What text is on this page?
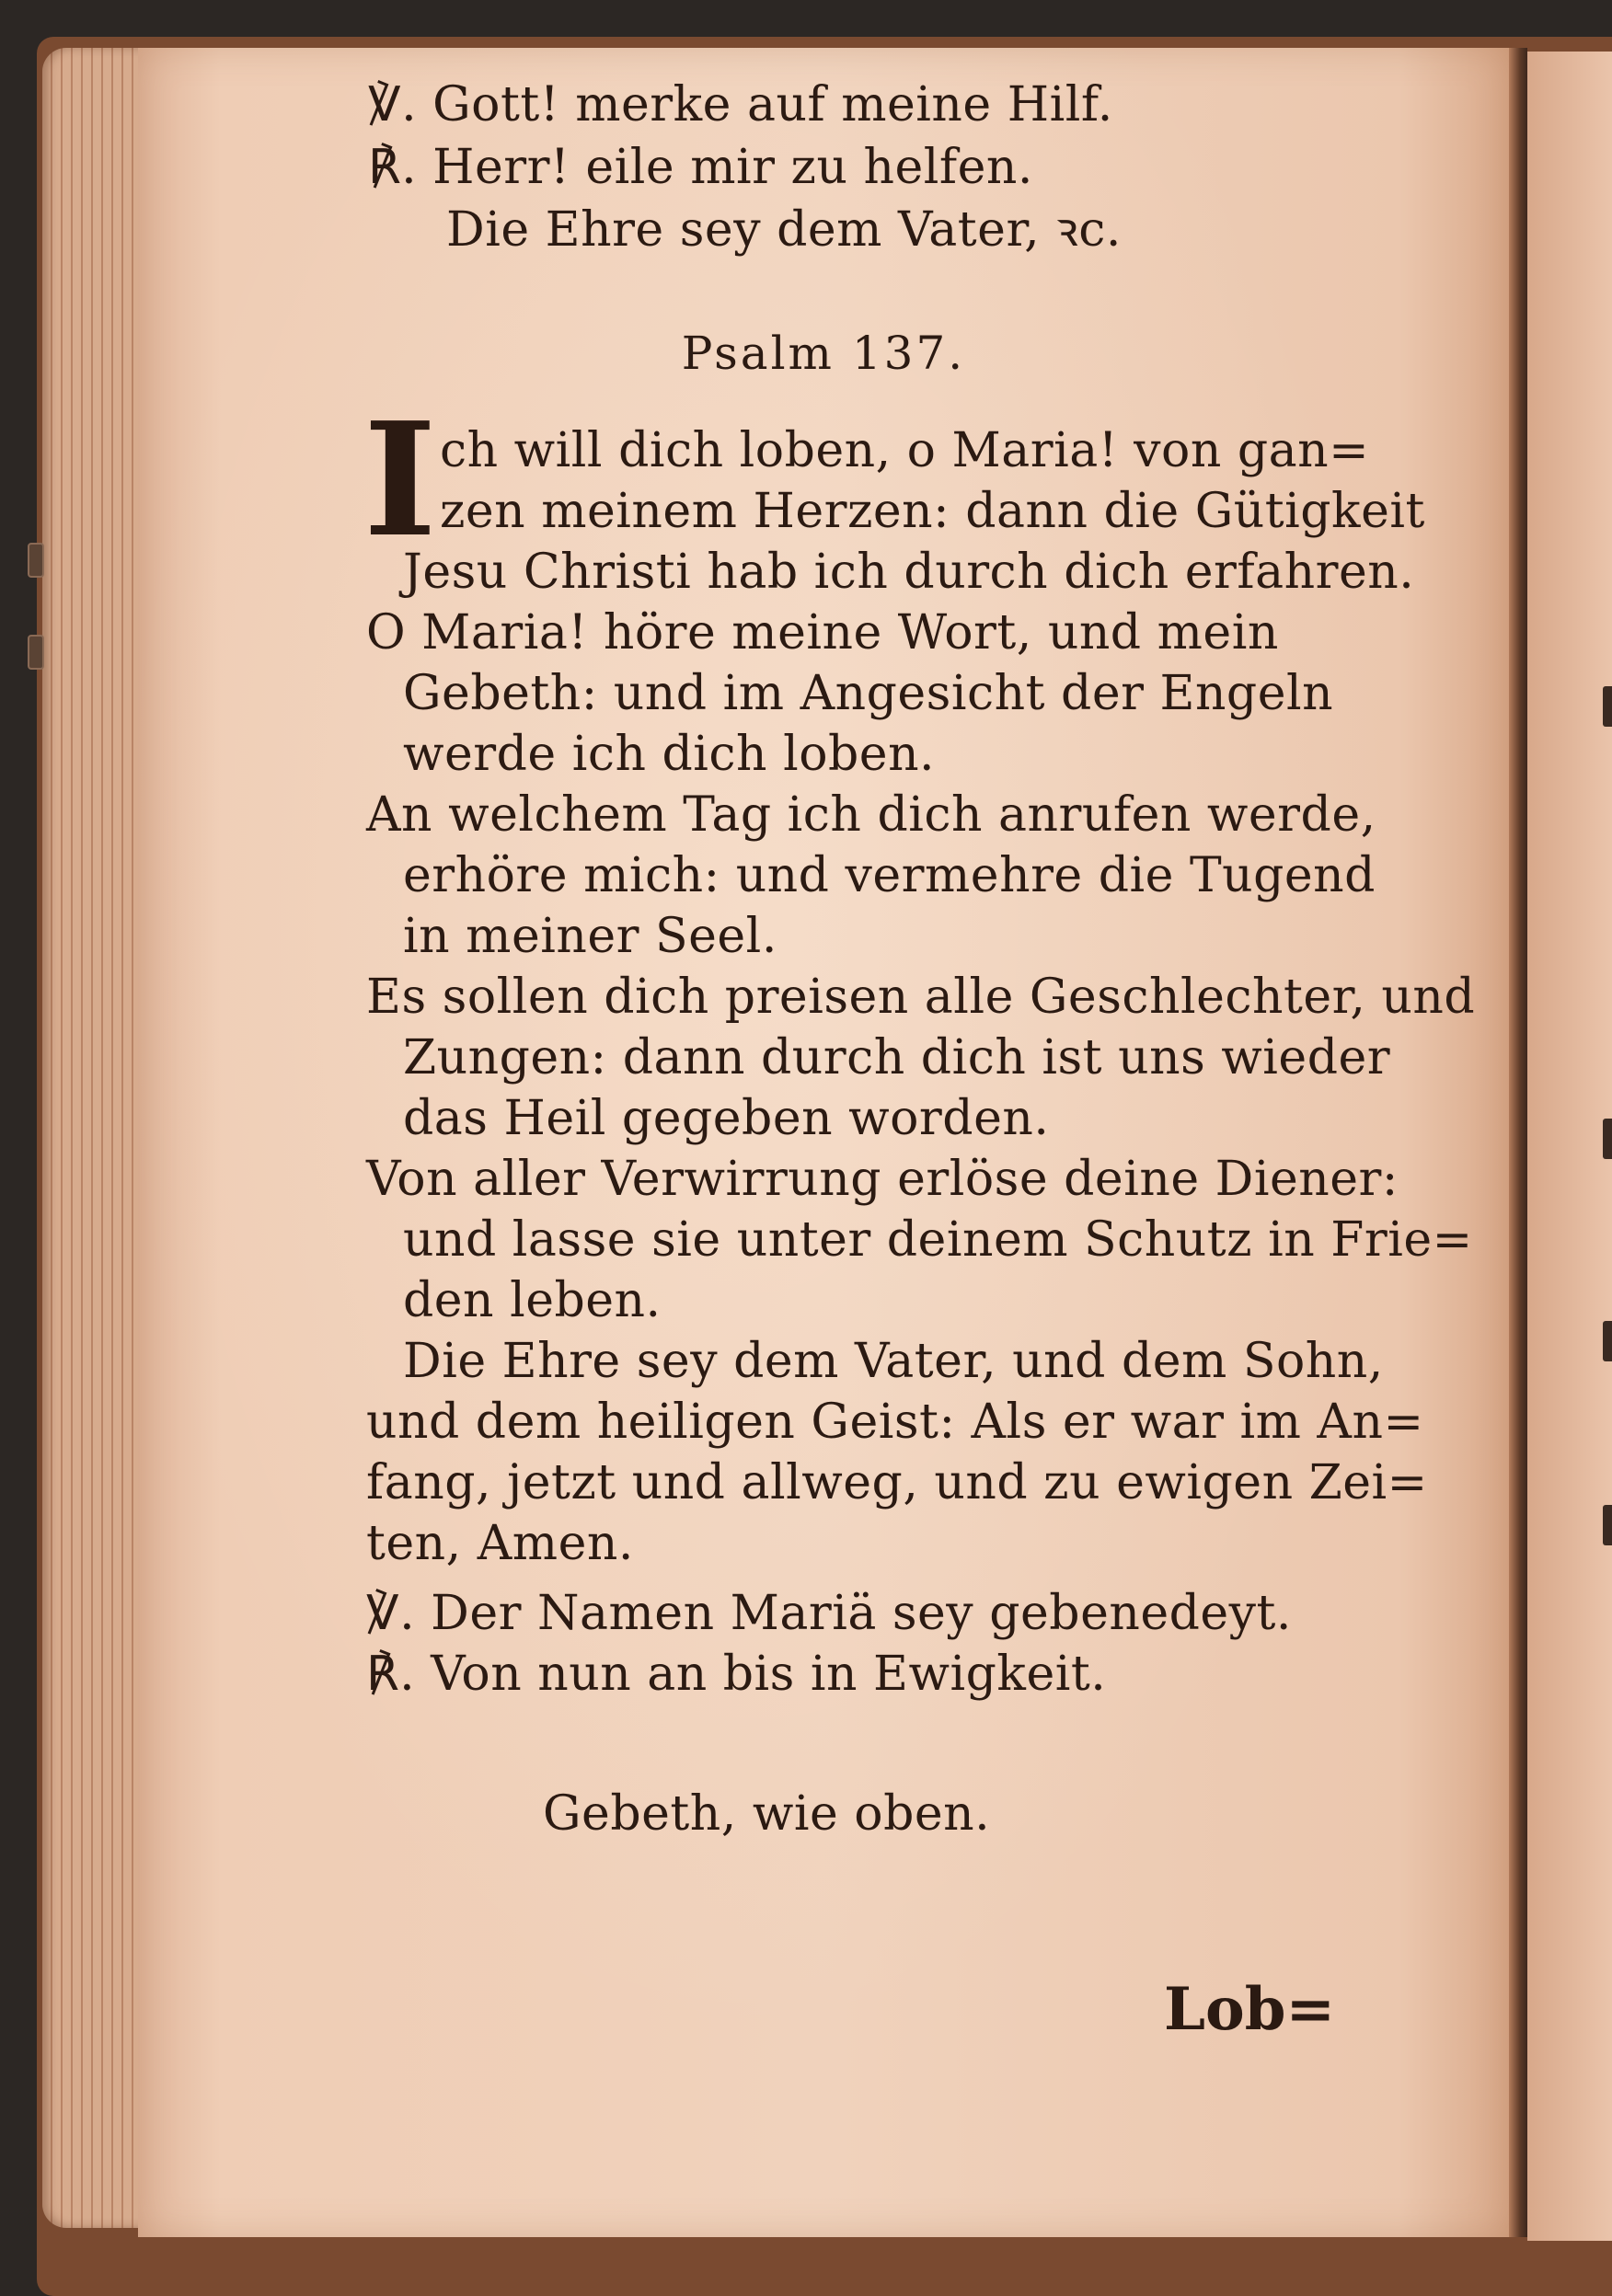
℣. Gott! merke auf meine Hilf.
℟. Herr! eile mir zu helfen.
Die Ehre sey dem Vater, ꝛc.
Psalm 137.
I ch will dich loben, o Maria! von gan=
zen meinem Herzen: dann die Gütigkeit
Jesu Christi hab ich durch dich erfahren.
O Maria! höre meine Wort, und mein
Gebeth: und im Angesicht der Engeln
werde ich dich loben.
An welchem Tag ich dich anrufen werde,
erhöre mich: und vermehre die Tugend
in meiner Seel.
Es sollen dich preisen alle Geschlechter, und
Zungen: dann durch dich ist uns wieder
das Heil gegeben worden.
Von aller Verwirrung erlöse deine Diener:
und lasse sie unter deinem Schutz in Frie=
den leben.
Die Ehre sey dem Vater, und dem Sohn,
und dem heiligen Geist: Als er war im An=
fang, jetzt und allweg, und zu ewigen Zei=
ten, Amen.
℣. Der Namen Mariä sey gebenedeyt.
℟. Von nun an bis in Ewigkeit.
Gebeth, wie oben.
Lob=
